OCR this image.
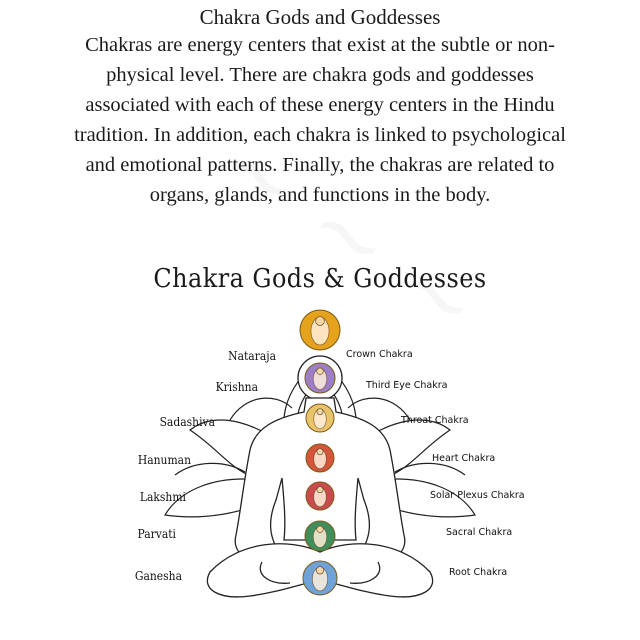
Chakra Gods and Goddesses
Chakras are energy centers that exist at the subtle or non-
physical level. There are chakra gods and goddesses
associated with each of these energy centers in the Hindu
tradition. In addition, each chakra is linked to psychological
and emotional patterns. Finally, the chakras are related to
organs, glands, and functions in the body.
Chakra Gods & Goddesses
Nataraja
Krishna
Sadashiva
Hanuman
Lakshmi
Parvati
Ganesha
Crown Chakra
Third Eye Chakra
Throat Chakra
Heart Chakra
Solar Plexus Chakra
Sacral Chakra
Root Chakra
